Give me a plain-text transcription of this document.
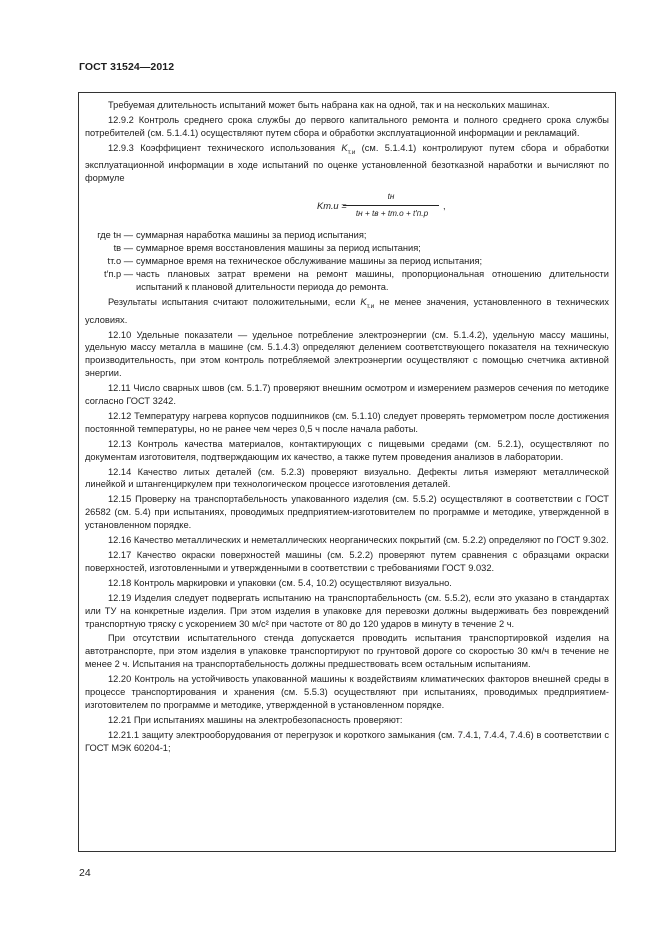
ГОСТ 31524—2012

Требуемая длительность испытаний может быть набрана как на одной, так и на нескольких машинах.

12.9.2 Контроль среднего срока службы до первого капитального ремонта и полного среднего срока службы потребителей (см. 5.1.4.1) осуществляют путем сбора и обработки эксплуатационной информации и рекламаций.

12.9.3 Коэффициент технического использования $K_{т.и}$ (см. 5.1.4.1) контролируют путем сбора и обработки эксплуатационной информации в ходе испытаний по оценке установленной безотказной наработки и вычисляют по формуле

Kт.и =
tн
tн + tв + tт.о + t′п.р
,
где tн — суммарная наработка машины за период испытания;
tв — суммарное время восстановления машины за период испытания;
tт.о — суммарное время на техническое обслуживание машины за период испытания;
t′п.р — часть плановых затрат времени на ремонт машины, пропорциональная отношению длительности испытаний к плановой длительности периода до ремонта.

Результаты испытания считают положительными, если $K_{т.и}$ не менее значения, установленного в технических условиях.

12.10 Удельные показатели — удельное потребление электроэнергии (см. 5.1.4.2), удельную массу машины, удельную массу металла в машине (см. 5.1.4.3) определяют делением соответствующего показателя на техническую производительность, при этом контроль потребляемой электроэнергии осуществляют с помощью счетчика активной энергии.

12.11 Число сварных швов (см. 5.1.7) проверяют внешним осмотром и измерением размеров сечения по методике согласно ГОСТ 3242.

12.12 Температуру нагрева корпусов подшипников (см. 5.1.10) следует проверять термометром после достижения постоянной температуры, но не ранее чем через 0,5 ч после начала работы.

12.13 Контроль качества материалов, контактирующих с пищевыми средами (см. 5.2.1), осуществляют по документам изготовителя, подтверждающим их качество, а также путем проведения анализов в лаборатории.

12.14 Качество литых деталей (см. 5.2.3) проверяют визуально. Дефекты литья измеряют металлической линейкой и штангенциркулем при технологическом процессе изготовления деталей.

12.15 Проверку на транспортабельность упакованного изделия (см. 5.5.2) осуществляют в соответствии с ГОСТ 26582 (см. 5.4) при испытаниях, проводимых предприятием-изготовителем по программе и методике, утвержденной в установленном порядке.

12.16 Качество металлических и неметаллических неорганических покрытий (см. 5.2.2) определяют по ГОСТ 9.302.

12.17 Качество окраски поверхностей машины (см. 5.2.2) проверяют путем сравнения с образцами окраски поверхностей, изготовленными и утвержденными в соответствии с требованиями ГОСТ 9.032.

12.18 Контроль маркировки и упаковки (см. 5.4, 10.2) осуществляют визуально.

12.19 Изделия следует подвергать испытанию на транспортабельность (см. 5.5.2), если это указано в стандартах или ТУ на конкретные изделия. При этом изделия в упаковке для перевозки должны выдерживать без повреждений транспортную тряску с ускорением 30 м/с² при частоте от 80 до 120 ударов в минуту в течение 2 ч.

При отсутствии испытательного стенда допускается проводить испытания транспортировкой изделия на автотранспорте, при этом изделия в упаковке транспортируют по грунтовой дороге со скоростью 30 км/ч в течение не менее 2 ч. Испытания на транспортабельность должны предшествовать всем остальным испытаниям.

12.20 Контроль на устойчивость упакованной машины к воздействиям климатических факторов внешней среды в процессе транспортирования и хранения (см. 5.5.3) осуществляют при испытаниях, проводимых предприятием-изготовителем по программе и методике, утвержденной в установленном порядке.

12.21 При испытаниях машины на электробезопасность проверяют:

12.21.1 защиту электрооборудования от перегрузок и короткого замыкания (см. 7.4.1, 7.4.4, 7.4.6) в соответствии с ГОСТ МЭК 60204-1;

24
